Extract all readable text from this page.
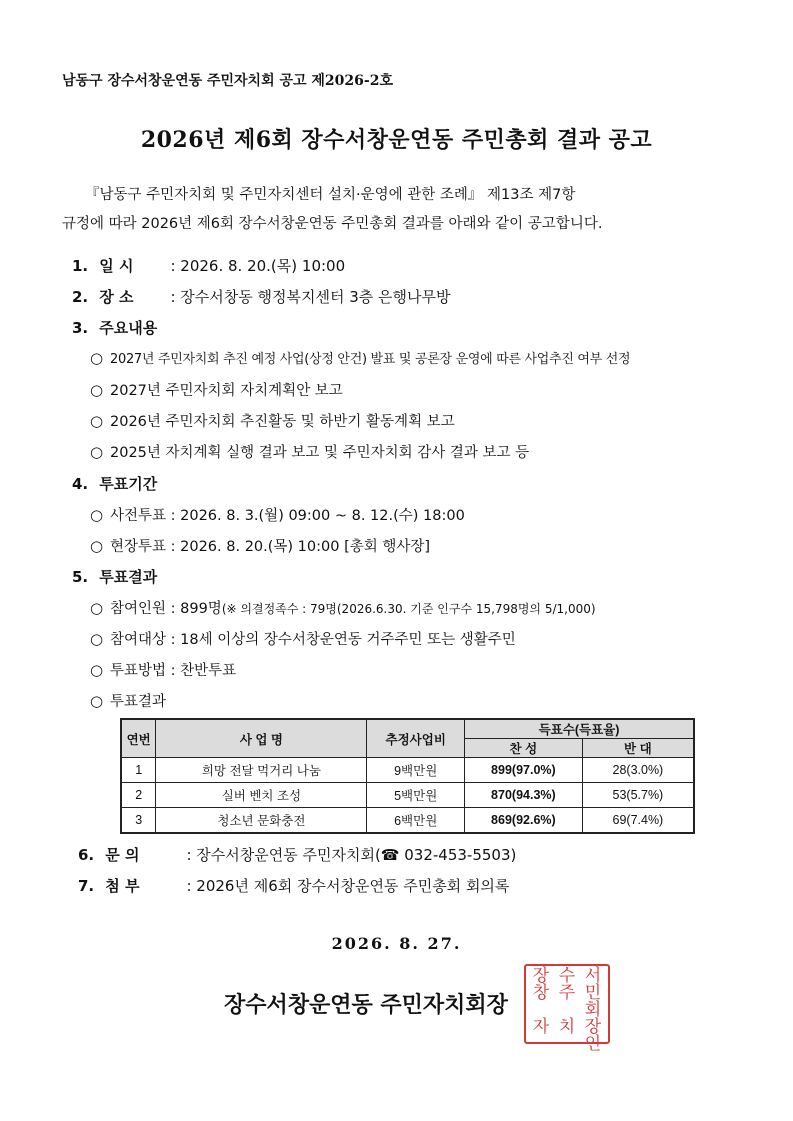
남동구 장수서창운연동 주민자치회 공고 제2026-2호
2026년 제6회 장수서창운연동 주민총회 결과 공고
『남동구 주민자치회 및 주민자치센터 설치·운영에 관한 조례』 제13조 제7항
규정에 따라 2026년 제6회 장수서창운연동 주민총회 결과를 아래와 같이 공고합니다.
1. 일 시 : 2026. 8. 20.(목) 10:00
2. 장 소 : 장수서창동 행정복지센터 3층 은행나무방
3. 주요내용
○ 2027년 주민자치회 추진 예정 사업(상정 안건) 발표 및 공론장 운영에 따른 사업추진 여부 선정
○ 2027년 주민자치회 자치계획안 보고
○ 2026년 주민자치회 추진활동 및 하반기 활동계획 보고
○ 2025년 자치계획 실행 결과 보고 및 주민자치회 감사 결과 보고 등
4. 투표기간
○ 사전투표 : 2026. 8. 3.(월) 09:00 ~ 8. 12.(수) 18:00
○ 현장투표 : 2026. 8. 20.(목) 10:00 [총회 행사장]
5. 투표결과
○ 참여인원 : 899명(※ 의결정족수 : 79명(2026.6.30. 기준 인구수 15,798명의 5/1,000)
○ 참여대상 : 18세 이상의 장수서창운연동 거주주민 또는 생활주민
○ 투표방법 : 찬반투표
○ 투표결과
연번	사 업 명	추정사업비	득표수(득표율)	
			찬 성	반 대
1	희망 전달 먹거리 나눔	9백만원	899(97.0%)	28(3.0%)
2	실버 벤치 조성	5백만원	870(94.3%)	53(5.7%)
3	청소년 문화충전	6백만원	869(92.6%)	69(7.4%)
6. 문 의	: 장수서창운연동 주민자치회(☎ 032-453-5503)
7. 첨 부	: 2026년 제6회 장수서창운연동 주민총회 회의록
2026. 8. 27.
장수서창운연동 주민자치회장
장 수 서
창 주 민
자 치
회장인
